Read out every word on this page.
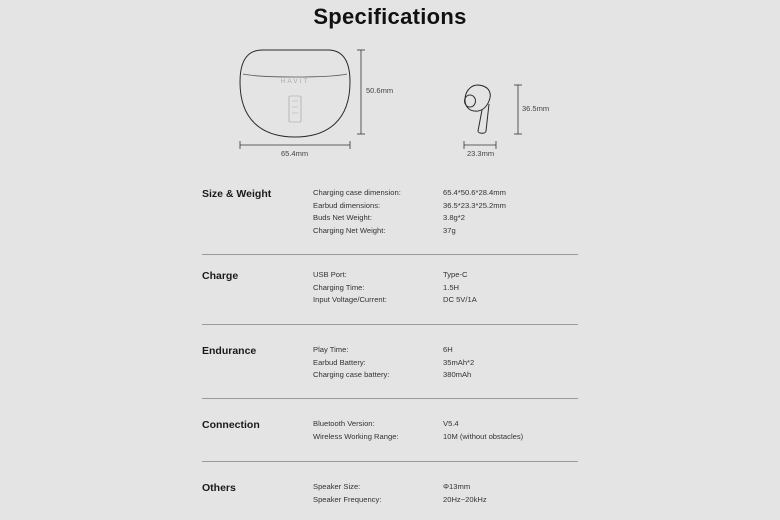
Specifications
HAVIT
50.6mm
65.4mm
36.5mm
23.3mm
Size & Weight	Charging case dimension:	65.4*50.6*28.4mm
Earbud dimensions:	36.5*23.3*25.2mm
Buds Net Weight:	3.8g*2
Charging Net Weight:	37g
Charge	USB Port:	Type-C
Charging Time:	1.5H
Input Voltage/Current:	DC 5V/1A
Endurance	Play Time:	6H
Earbud Battery:	35mAh*2
Charging case battery:	380mAh
Connection	Bluetooth Version:	V5.4
Wireless Working Range:	10M (without obstacles)
Others	Speaker Size:	Φ13mm
Speaker Frequency:	20Hz~20kHz
